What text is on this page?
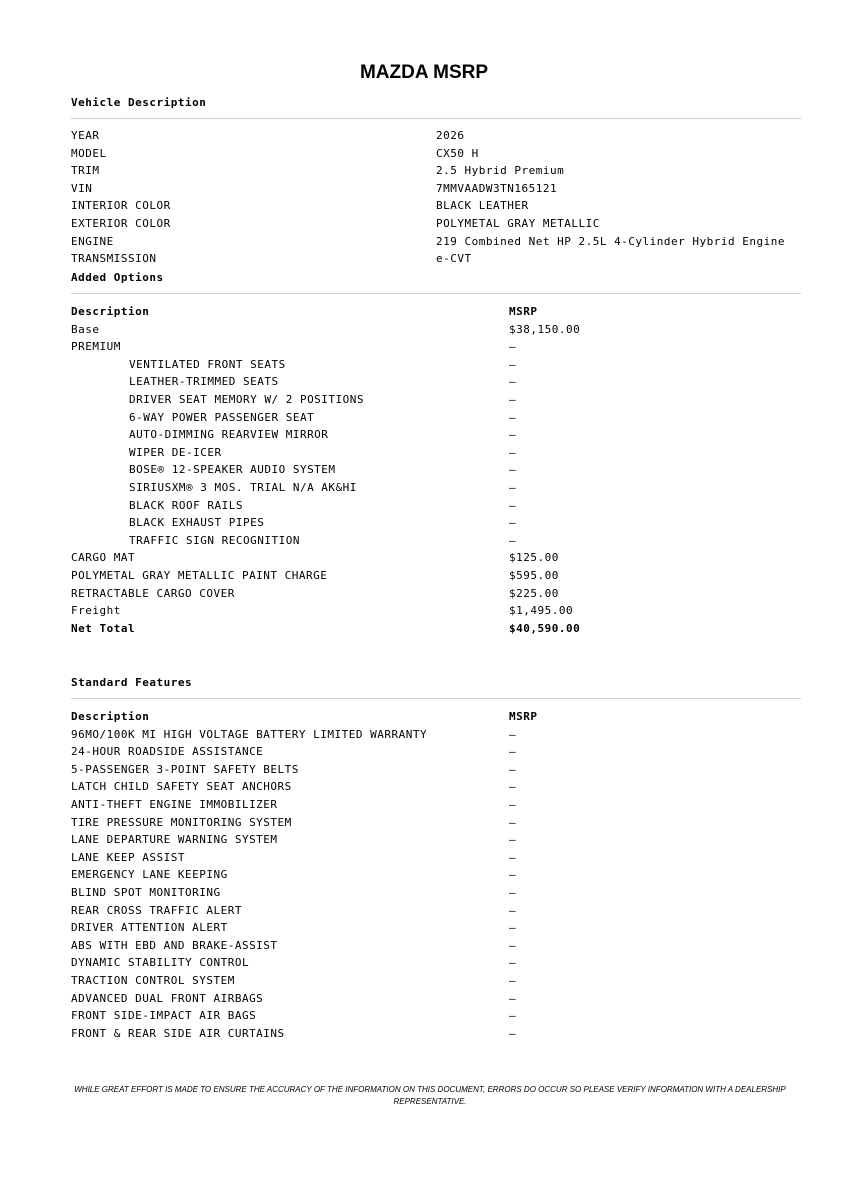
MAZDA MSRP
Vehicle Description
YEAR	2026
MODEL	CX50 H
TRIM	2.5 Hybrid Premium
VIN	7MMVAADW3TN165121
INTERIOR COLOR	BLACK LEATHER
EXTERIOR COLOR	POLYMETAL GRAY METALLIC
ENGINE	219 Combined Net HP 2.5L 4-Cylinder Hybrid Engine
TRANSMISSION	e-CVT
Added Options
Description	MSRP
Base	$38,150.00
PREMIUM	—
VENTILATED FRONT SEATS	—
LEATHER-TRIMMED SEATS	—
DRIVER SEAT MEMORY W/ 2 POSITIONS	—
6-WAY POWER PASSENGER SEAT	—
AUTO-DIMMING REARVIEW MIRROR	—
WIPER DE-ICER	—
BOSE® 12-SPEAKER AUDIO SYSTEM	—
SIRIUSXM® 3 MOS. TRIAL N/A AK&HI	—
BLACK ROOF RAILS	—
BLACK EXHAUST PIPES	—
TRAFFIC SIGN RECOGNITION	—
CARGO MAT	$125.00
POLYMETAL GRAY METALLIC PAINT CHARGE	$595.00
RETRACTABLE CARGO COVER	$225.00
Freight	$1,495.00
Net Total	$40,590.00
Standard Features
Description	MSRP
96MO/100K MI HIGH VOLTAGE BATTERY LIMITED WARRANTY	—
24-HOUR ROADSIDE ASSISTANCE	—
5-PASSENGER 3-POINT SAFETY BELTS	—
LATCH CHILD SAFETY SEAT ANCHORS	—
ANTI-THEFT ENGINE IMMOBILIZER	—
TIRE PRESSURE MONITORING SYSTEM	—
LANE DEPARTURE WARNING SYSTEM	—
LANE KEEP ASSIST	—
EMERGENCY LANE KEEPING	—
BLIND SPOT MONITORING	—
REAR CROSS TRAFFIC ALERT	—
DRIVER ATTENTION ALERT	—
ABS WITH EBD AND BRAKE-ASSIST	—
DYNAMIC STABILITY CONTROL	—
TRACTION CONTROL SYSTEM	—
ADVANCED DUAL FRONT AIRBAGS	—
FRONT SIDE-IMPACT AIR BAGS	—
FRONT & REAR SIDE AIR CURTAINS	—
WHILE GREAT EFFORT IS MADE TO ENSURE THE ACCURACY OF THE INFORMATION ON THIS DOCUMENT, ERRORS DO OCCUR SO PLEASE VERIFY INFORMATION WITH A DEALERSHIP REPRESENTATIVE.
